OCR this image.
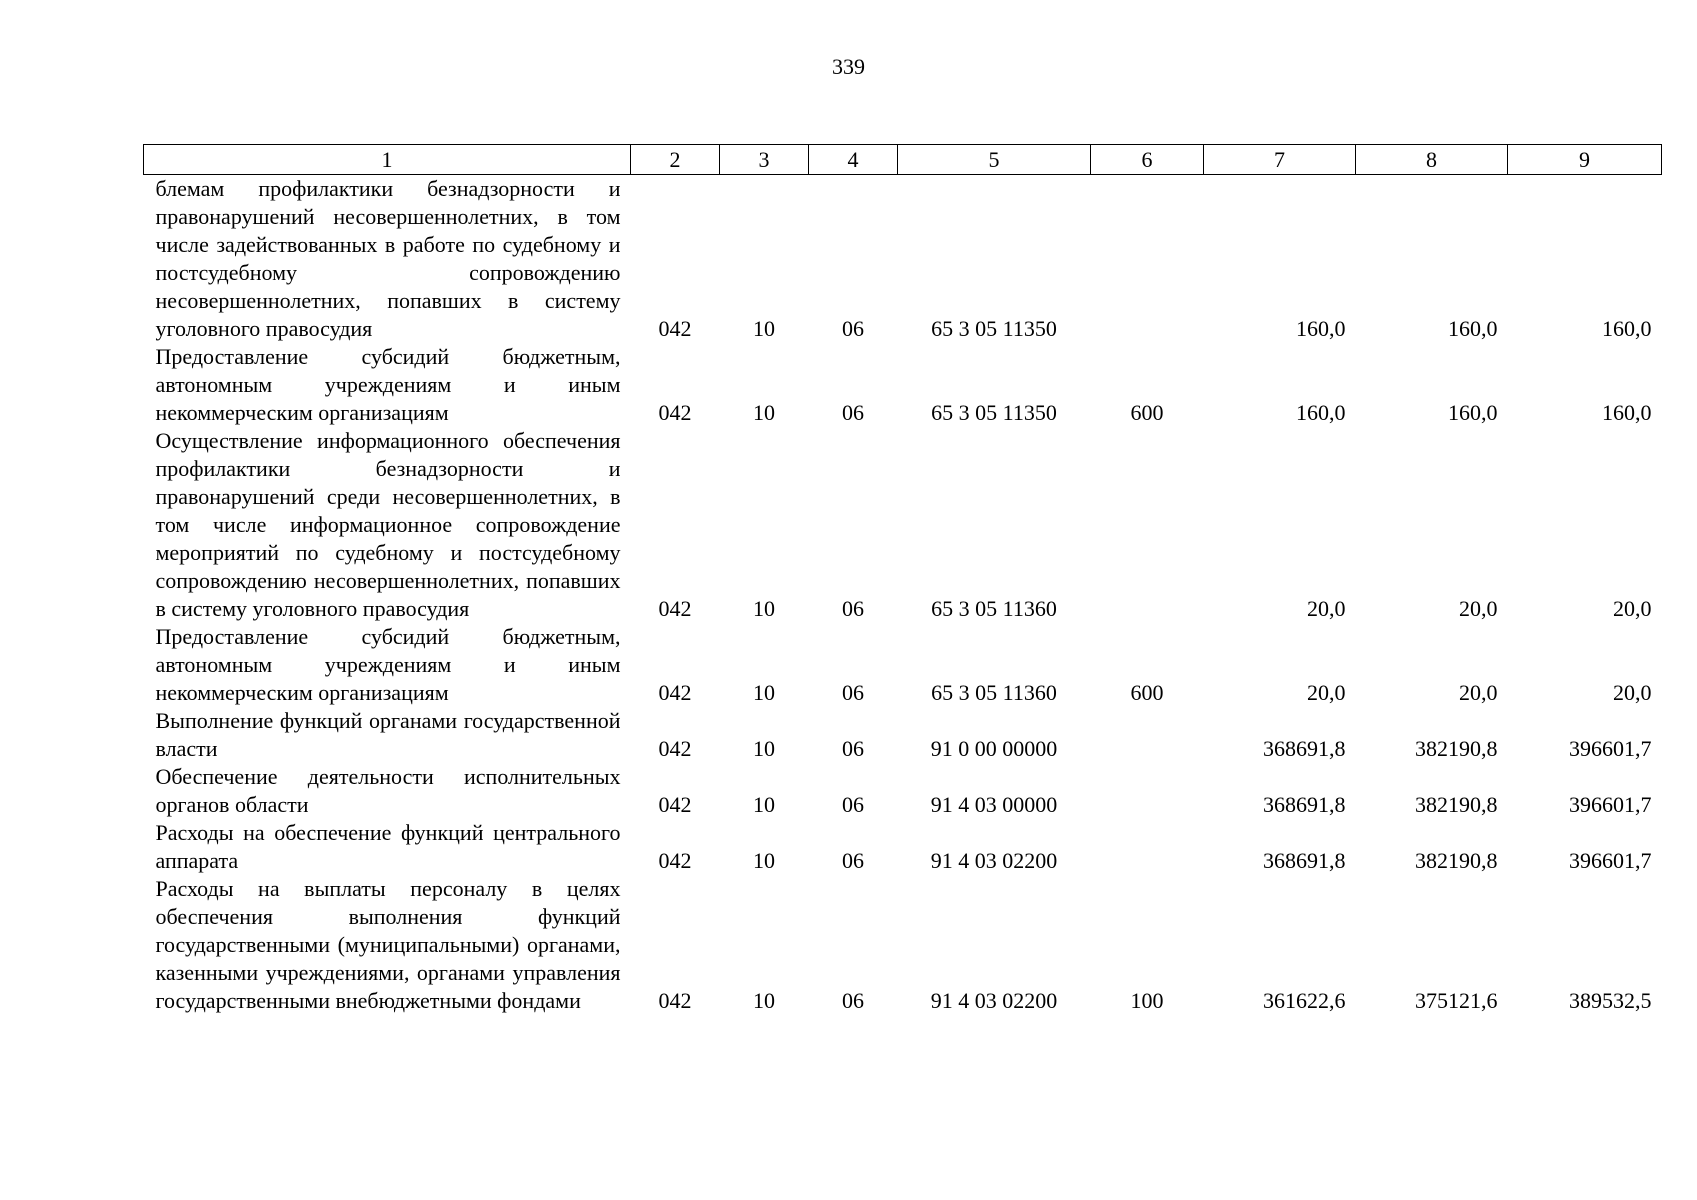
339
1	2	3	4	5	6	7	8	9
блемам профилактики безнадзорности и правонарушений несовершеннолетних, в том числе задействованных в работе по судебному и постсудебному сопровождению несовершеннолетних, попавших в систему уголовного правосудия	042	10	06	65 3 05 11350		160,0	160,0	160,0
Предоставление субсидий бюджетным, автономным учреждениям и иным некоммерческим организациям	042	10	06	65 3 05 11350	600	160,0	160,0	160,0
Осуществление информационного обеспечения профилактики безнадзорности и правонарушений среди несовершеннолетних, в том числе информационное сопровождение мероприятий по судебному и постсудебному сопровождению несовершеннолетних, попавших в систему уголовного правосудия	042	10	06	65 3 05 11360		20,0	20,0	20,0
Предоставление субсидий бюджетным, автономным учреждениям и иным некоммерческим организациям	042	10	06	65 3 05 11360	600	20,0	20,0	20,0
Выполнение функций органами государственной власти	042	10	06	91 0 00 00000		368691,8	382190,8	396601,7
Обеспечение деятельности исполнительных органов области	042	10	06	91 4 03 00000		368691,8	382190,8	396601,7
Расходы на обеспечение функций центрального аппарата	042	10	06	91 4 03 02200		368691,8	382190,8	396601,7
Расходы на выплаты персоналу в целях обеспечения выполнения функций государственными (муниципальными) органами, казенными учреждениями, органами управления государственными внебюджетными фондами	042	10	06	91 4 03 02200	100	361622,6	375121,6	389532,5
